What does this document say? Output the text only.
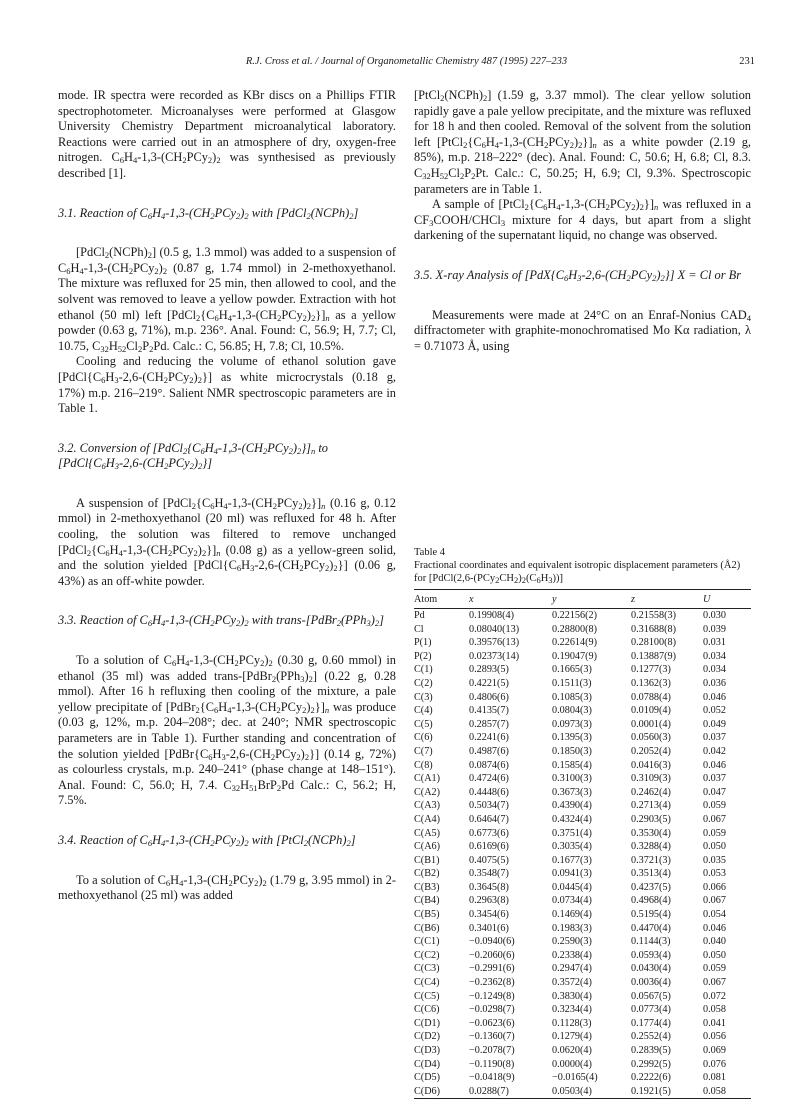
R.J. Cross et al. / Journal of Organometallic Chemistry 487 (1995) 227–233	231

mode. IR spectra were recorded as KBr discs on a Phillips FTIR spectrophotometer. Microanalyses were performed at Glasgow University Chemistry Department microanalytical laboratory. Reactions were carried out in an atmosphere of dry, oxygen-free nitrogen. $C_6H_4-1,3-(CH_2PCy_2)_2$ was synthesised as previously described [1].

3.1. Reaction of $C_6H_4-1,3-(CH_2PCy_2)_2$ with $[PdCl_2(NCPh)_2]$

$[PdCl_2(NCPh)_2]$ (0.5 g, 1.3 mmol) was added to a suspension of $C_6H_4-1,3-(CH_2PCy_2)_2$ (0.87 g, 1.74 mmol) in 2-methoxyethanol. The mixture was refluxed for 25 min, then allowed to cool, and the solvent was removed to leave a yellow powder. Extraction with hot ethanol (50 ml) left $[PdCl_2\{C_6H_4-1,3-(CH_2PCy_2)_2\}]_n$ as a yellow powder (0.63 g, 71%), m.p. 236°. Anal. Found: C, 56.9; H, 7.7; Cl, 10.75, $C_{32}H_{52}Cl_2P_2Pd$. Calc.: C, 56.85; H, 7.8; Cl, 10.5%.

Cooling and reducing the volume of ethanol solution gave $[PdCl\{C_6H_3-2,6-(CH_2PCy_2)_2\}]$ as white microcrystals (0.18 g, 17%) m.p. 216–219°. Salient NMR spectroscopic parameters are in Table 1.

3.2. Conversion of $[PdCl_2\{C_6H_4-1,3-(CH_2PCy_2)_2\}]_n$ to $[PdCl\{C_6H_3-2,6-(CH_2PCy_2)_2\}]$

A suspension of $[PdCl_2\{C_6H_4-1,3-(CH_2PCy_2)_2\}]_n$ (0.16 g, 0.12 mmol) in 2-methoxyethanol (20 ml) was refluxed for 48 h. After cooling, the solution was filtered to remove unchanged $[PdCl_2\{C_6H_4-1,3-(CH_2PCy_2)_2\}]_n$ (0.08 g) as a yellow-green solid, and the solution yielded $[PdCl\{C_6H_3-2,6-(CH_2PCy_2)_2\}]$ (0.06 g, 43%) as an off-white powder.

3.3. Reaction of $C_6H_4-1,3-(CH_2PCy_2)_2$ with trans-$[PdBr_2(PPh_3)_2]$

To a solution of $C_6H_4-1,3-(CH_2PCy_2)_2$ (0.30 g, 0.60 mmol) in ethanol (35 ml) was added trans-$[PdBr_2(PPh_3)_2]$ (0.22 g, 0.28 mmol). After 16 h refluxing then cooling of the mixture, a pale yellow precipitate of $[PdBr_2\{C_6H_4-1,3-(CH_2PCy_2)_2\}]_n$ was produce (0.03 g, 12%, m.p. 204–208°; dec. at 240°; NMR spectroscopic parameters are in Table 1). Further standing and concentration of the solution yielded $[PdBr\{C_6H_3-2,6-(CH_2PCy_2)_2\}]$ (0.14 g, 72%) as colourless crystals, m.p. 240–241° (phase change at 148–151°). Anal. Found: C, 56.0; H, 7.4. $C_{32}H_{51}BrP_2Pd$ Calc.: C, 56.2; H, 7.5%.

3.4. Reaction of $C_6H_4-1,3-(CH_2PCy_2)_2$ with $[PtCl_2(NCPh)_2]$

To a solution of $C_6H_4-1,3-(CH_2PCy_2)_2$ (1.79 g, 3.95 mmol) in 2-methoxyethanol (25 ml) was added

$[PtCl_2(NCPh)_2]$ (1.59 g, 3.37 mmol). The clear yellow solution rapidly gave a pale yellow precipitate, and the mixture was refluxed for 18 h and then cooled. Removal of the solvent from the solution left $[PtCl_2\{C_6H_4-1,3-(CH_2PCy_2)_2\}]_n$ as a white powder (2.19 g, 85%), m.p. 218–222° (dec). Anal. Found: C, 50.6; H, 6.8; Cl, 8.3. $C_{32}H_{52}Cl_2P_2Pt$. Calc.: C, 50.25; H, 6.9; Cl, 9.3%. Spectroscopic parameters are in Table 1.

A sample of $[PtCl_2\{C_6H_4-1,3-(CH_2PCy_2)_2\}]_n$ was refluxed in a $CF_3COOH/CHCl_3$ mixture for 4 days, but apart from a slight darkening of the supernatant liquid, no change was observed.

3.5. X-ray Analysis of $[PdX\{C_6H_3-2,6-(CH_2PCy_2)_2\}] X = Cl$ or Br

Measurements were made at 24°C on an Enraf-Nonius $CAD_4$ diffractometer with graphite-monochromatised Mo Kα radiation, λ = 0.71073 Å, using

Table 4
Fractional coordinates and equivalent isotropic displacement parameters (Å2) for $[PdCl(2,6-(PCy_2CH_2)_2(C_6H_3))]$
Atom	x	y	z	U
Pd	0.19908(4)	0.22156(2)	0.21558(3)	0.030
Cl	0.08040(13)	0.28800(8)	0.31688(8)	0.039
P(1)	0.39576(13)	0.22614(9)	0.28100(8)	0.031
P(2)	0.02373(14)	0.19047(9)	0.13887(9)	0.034
C(1)	0.2893(5)	0.1665(3)	0.1277(3)	0.034
C(2)	0.4221(5)	0.1511(3)	0.1362(3)	0.036
C(3)	0.4806(6)	0.1085(3)	0.0788(4)	0.046
C(4)	0.4135(7)	0.0804(3)	0.0109(4)	0.052
C(5)	0.2857(7)	0.0973(3)	0.0001(4)	0.049
C(6)	0.2241(6)	0.1395(3)	0.0560(3)	0.037
C(7)	0.4987(6)	0.1850(3)	0.2052(4)	0.042
C(8)	0.0874(6)	0.1585(4)	0.0416(3)	0.046
C(A1)	0.4724(6)	0.3100(3)	0.3109(3)	0.037
C(A2)	0.4448(6)	0.3673(3)	0.2462(4)	0.047
C(A3)	0.5034(7)	0.4390(4)	0.2713(4)	0.059
C(A4)	0.6464(7)	0.4324(4)	0.2903(5)	0.067
C(A5)	0.6773(6)	0.3751(4)	0.3530(4)	0.059
C(A6)	0.6169(6)	0.3035(4)	0.3288(4)	0.050
C(B1)	0.4075(5)	0.1677(3)	0.3721(3)	0.035
C(B2)	0.3548(7)	0.0941(3)	0.3513(4)	0.053
C(B3)	0.3645(8)	0.0445(4)	0.4237(5)	0.066
C(B4)	0.2963(8)	0.0734(4)	0.4968(4)	0.067
C(B5)	0.3454(6)	0.1469(4)	0.5195(4)	0.054
C(B6)	0.3401(6)	0.1983(3)	0.4470(4)	0.046
C(C1)	−0.0940(6)	0.2590(3)	0.1144(3)	0.040
C(C2)	−0.2060(6)	0.2338(4)	0.0593(4)	0.050
C(C3)	−0.2991(6)	0.2947(4)	0.0430(4)	0.059
C(C4)	−0.2362(8)	0.3572(4)	0.0036(4)	0.067
C(C5)	−0.1249(8)	0.3830(4)	0.0567(5)	0.072
C(C6)	−0.0298(7)	0.3234(4)	0.0773(4)	0.058
C(D1)	−0.0623(6)	0.1128(3)	0.1774(4)	0.041
C(D2)	−0.1360(7)	0.1279(4)	0.2552(4)	0.056
C(D3)	−0.2078(7)	0.0620(4)	0.2839(5)	0.069
C(D4)	−0.1190(8)	0.0000(4)	0.2992(5)	0.076
C(D5)	−0.0418(9)	−0.0165(4)	0.2222(6)	0.081
C(D6)	0.0288(7)	0.0503(4)	0.1921(5)	0.058
